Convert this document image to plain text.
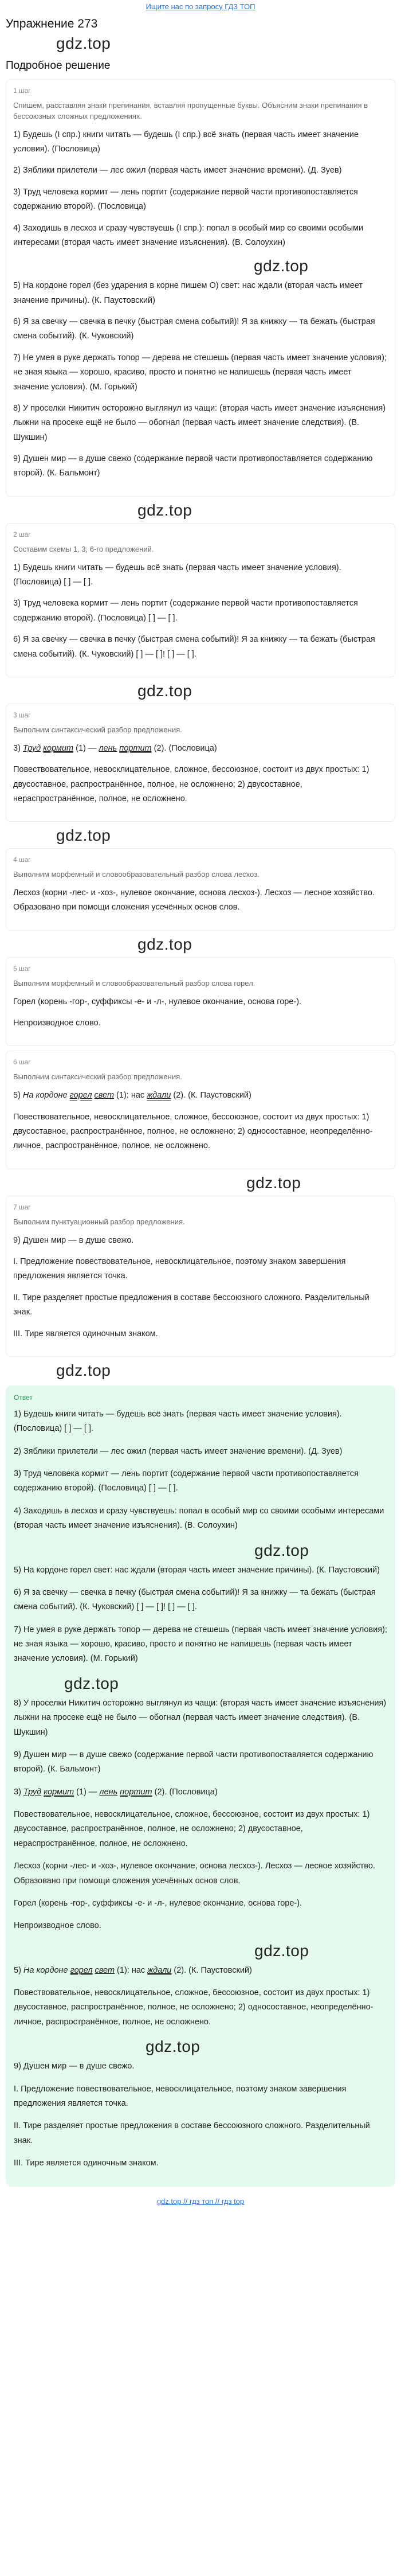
Ищите нас по запросу ГДЗ ТОП
Упражнение 273
gdz.top
Подробное решение
1 шаг
Спишем, расставляя знаки препинания, вставляя пропущенные буквы. Объясним знаки препинания в бессоюзных сложных предложениях.
1) Будешь (I спр.) книги читать — будешь (I спр.) всё знать (первая часть имеет значение условия). (Пословица)
2) Зяблики прилетели — лес ожил (первая часть имеет значение времени). (Д. Зуев)
3) Труд человека кормит — лень портит (содержание первой части противопоставляется содержанию второй). (Пословица)
4) Заходишь в лесхоз и сразу чувствуешь (I спр.): попал в особый мир со своими особыми интересами (вторая часть имеет значение изъяснения). (В. Солоухин)
gdz.top
5) На кордоне горел (без ударения в корне пишем О) свет: нас ждали (вторая часть имеет значение причины). (К. Паустовский)
6) Я за свечку — свечка в печку (быстрая смена событий)! Я за книжку — та бежать (быстрая смена событий). (К. Чуковский)
7) Не умея в руке держать топор — дерева не стешешь (первая часть имеет значение условия); не зная языка — хорошо, красиво, просто и понятно не напишешь (первая часть имеет значение условия). (М. Горький)
8) У проселки Никитич осторожно выглянул из чащи: (вторая часть имеет значение изъяснения) лыжни на просеке ещё не было — обогнал (первая часть имеет значение следствия). (В. Шукшин)
9) Душен мир — в душе свежо (содержание первой части противопоставляется содержанию второй). (К. Бальмонт)
gdz.top
2 шаг
Составим схемы 1, 3, 6-го предложений.
1) Будешь книги читать — будешь всё знать (первая часть имеет значение условия). (Пословица) [ ] — [ ].
3) Труд человека кормит — лень портит (содержание первой части противопоставляется содержанию второй). (Пословица) [ ] — [ ].
6) Я за свечку — свечка в печку (быстрая смена событий)! Я за книжку — та бежать (быстрая смена событий). (К. Чуковский) [ ] — [ ]! [ ] — [ ].
gdz.top
3 шаг
Выполним синтаксический разбор предложения.
3) Труд кормит (1) — лень портит (2). (Пословица)
Повествовательное, невосклицательное, сложное, бессоюзное, состоит из двух простых: 1) двусоставное, распространённое, полное, не осложнено; 2) двусоставное, нераспространённое, полное, не осложнено.
gdz.top
4 шаг
Выполним морфемный и словообразовательный разбор слова лесхоз.
Лесхоз (корни -лес- и -хоз-, нулевое окончание, основа лесхоз-). Лесхоз — лесное хозяйство. Образовано при помощи сложения усечённых основ слов.
gdz.top
5 шаг
Выполним морфемный и словообразовательный разбор слова горел.
Горел (корень -гор-, суффиксы -е- и -л-, нулевое окончание, основа горе-).
Непроизводное слово.
6 шаг
Выполним синтаксический разбор предложения.
5) На кордоне горел свет (1): нас ждали (2). (К. Паустовский)
Повествовательное, невосклицательное, сложное, бессоюзное, состоит из двух простых: 1) двусоставное, распространённое, полное, не осложнено; 2) односоставное, неопределённо-личное, распространённое, полное, не осложнено.
gdz.top
7 шаг
Выполним пунктуационный разбор предложения.
9) Душен мир — в душе свежо.
I. Предложение повествовательное, невосклицательное, поэтому знаком завершения предложения является точка.
II. Тире разделяет простые предложения в составе бессоюзного сложного. Разделительный знак.
III. Тире является одиночным знаком.
gdz.top
Ответ
1) Будешь книги читать — будешь всё знать (первая часть имеет значение условия). (Пословица) [ ] — [ ].
2) Зяблики прилетели — лес ожил (первая часть имеет значение времени). (Д. Зуев)
3) Труд человека кормит — лень портит (содержание первой части противопоставляется содержанию второй). (Пословица) [ ] — [ ].
4) Заходишь в лесхоз и сразу чувствуешь: попал в особый мир со своими особыми интересами (вторая часть имеет значение изъяснения). (В. Солоухин)
gdz.top
5) На кордоне горел свет: нас ждали (вторая часть имеет значение причины). (К. Паустовский)
6) Я за свечку — свечка в печку (быстрая смена событий)! Я за книжку — та бежать (быстрая смена событий). (К. Чуковский) [ ] — [ ]! [ ] — [ ].
7) Не умея в руке держать топор — дерева не стешешь (первая часть имеет значение условия); не зная языка — хорошо, красиво, просто и понятно не напишешь (первая часть имеет значение условия). (М. Горький)
gdz.top
8) У проселки Никитич осторожно выглянул из чащи: (вторая часть имеет значение изъяснения) лыжни на просеке ещё не было — обогнал (первая часть имеет значение следствия). (В. Шукшин)
9) Душен мир — в душе свежо (содержание первой части противопоставляется содержанию второй). (К. Бальмонт)
3) Труд кормит (1) — лень портит (2). (Пословица)
Повествовательное, невосклицательное, сложное, бессоюзное, состоит из двух простых: 1) двусоставное, распространённое, полное, не осложнено; 2) двусоставное, нераспространённое, полное, не осложнено.
Лесхоз (корни -лес- и -хоз-, нулевое окончание, основа лесхоз-). Лесхоз — лесное хозяйство. Образовано при помощи сложения усечённых основ слов.
Горел (корень -гор-, суффиксы -е- и -л-, нулевое окончание, основа горе-).
Непроизводное слово.
gdz.top
5) На кордоне горел свет (1): нас ждали (2). (К. Паустовский)
Повествовательное, невосклицательное, сложное, бессоюзное, состоит из двух простых: 1) двусоставное, распространённое, полное, не осложнено; 2) односоставное, неопределённо-личное, распространённое, полное, не осложнено.
gdz.top
9) Душен мир — в душе свежо.
I. Предложение повествовательное, невосклицательное, поэтому знаком завершения предложения является точка.
II. Тире разделяет простые предложения в составе бессоюзного сложного. Разделительный знак.
III. Тире является одиночным знаком.
gdz.top // гдз топ // гдз top
